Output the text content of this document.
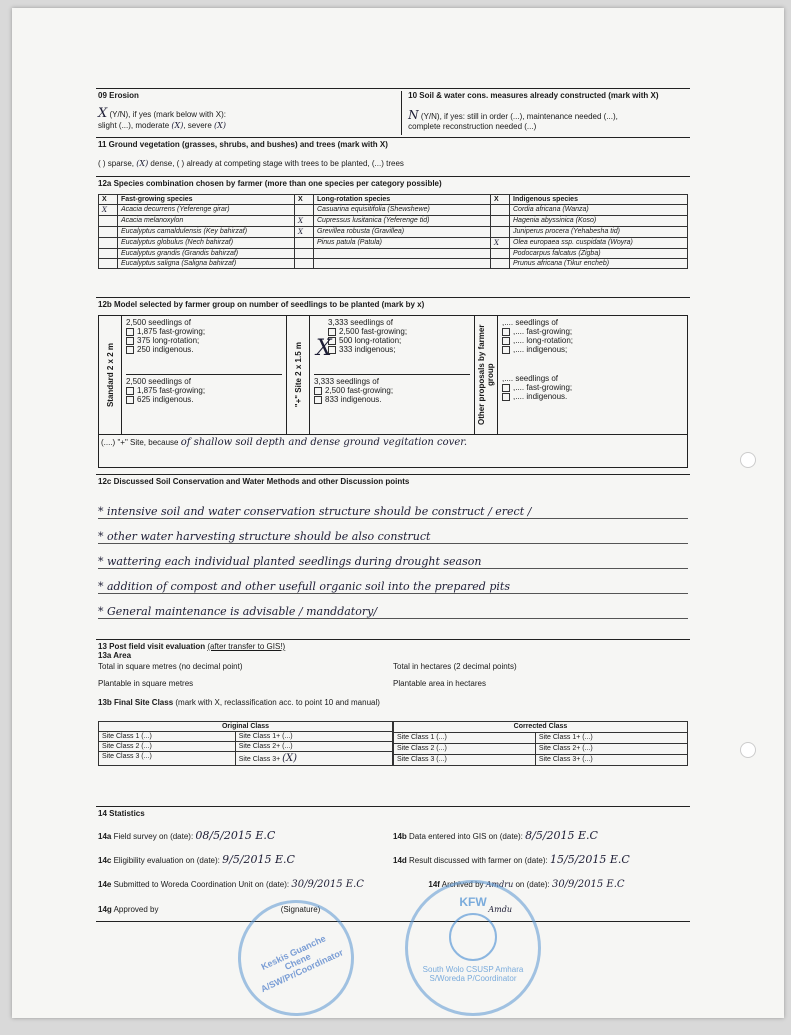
09 Erosion
X (Y/N), if yes (mark below with X):
slight (...), moderate (X), severe (X)
10 Soil & water cons. measures already constructed (mark with X)
N (Y/N), if yes: still in order (...), maintenance needed (...),
complete reconstruction needed (...)
11 Ground vegetation (grasses, shrubs, and bushes) and trees (mark with X)
( ) sparse, (X) dense, ( ) already at competing stage with trees to be planted, (...) trees
12a Species combination chosen by farmer (more than one species per category possible)
X	Fast-growing species	X	Long-rotation species	X	Indigenous species
X	Acacia decurrens (Yeferenge girar)		Casuarina equisitifolia (Shewshewe)		Cordia africana (Wanza)
	Acacia melanoxylon	X	Cupressus lusitanica (Yeferenge tid)		Hagenia abyssinica (Koso)
	Eucalyptus camaldulensis (Key bahirzaf)	X	Grevillea robusta (Gravillea)		Juniperus procera (Yehabesha tid)
	Eucalyptus globulus (Nech bahirzaf)		Pinus patula (Patula)	X	Olea europaea ssp. cuspidata (Woyra)
	Eucalyptus grandis (Grandis bahirzaf)				Podocarpus falcatus (Zigba)
	Eucalyptus saligna (Saligna bahirzaf)				Prunus africana (Tikur encheb)
12b Model selected by farmer group on number of seedlings to be planted (mark by x)
Standard 2 x 2 m
2,500 seedlings of
1,875 fast-growing;
375 long-rotation;
250 indigenous.
2,500 seedlings of
1,875 fast-growing;
625 indigenous.	"+" Site 2 x 1.5 m X
3,333 seedlings of
2,500 fast-growing;
500 long-rotation;
333 indigenous;
3,333 seedlings of
2,500 fast-growing;
833 indigenous.	Other proposals by farmer group
,.... seedlings of
,.... fast-growing;
,.... long-rotation;
,.... indigenous;
,.... seedlings of
,.... fast-growing;
,.... indigenous.
(....) "+" Site, because of shallow soil depth and dense ground vegitation cover.
12c Discussed Soil Conservation and Water Methods and other Discussion points
* intensive soil and water conservation structure should be construct / erect /
* other water harvesting structure should be also construct
* wattering each individual planted seedlings during drought season
* addition of compost and other usefull organic soil into the prepared pits
* General maintenance is advisable / manddatory/
13 Post field visit evaluation (after transfer to GIS!)
13a Area
Total in square metres (no decimal point)	Total in hectares (2 decimal points)
Plantable in square metres	Plantable area in hectares
13b Final Site Class (mark with X, reclassification acc. to point 10 and manual)
Original Class	
Site Class 1 (...)	Site Class 1+ (...)
Site Class 2 (...)	Site Class 2+ (...)
Site Class 3 (...)	Site Class 3+ (X)
Corrected Class	
Site Class 1 (...)	Site Class 1+ (...)
Site Class 2 (...)	Site Class 2+ (...)
Site Class 3 (...)	Site Class 3+ (...)
14 Statistics
14a Field survey on (date): 08/5/2015 E.C	14b Data entered into GIS on (date): 8/5/2015 E.C
14c Eligibility evaluation on (date): 9/5/2015 E.C	14d Result discussed with farmer on (date): 15/5/2015 E.C
14e Submitted to Woreda Coordination Unit on (date): 30/9/2015 E.C	14f Archived by Amdru on (date): 30/9/2015 E.C
14g Approved by	(Signature)	Amdu
Keskis Guanche Chene A/SW/Pr/Coordinator
KFW
South Wolo CSUSP Amhara S/Woreda P/Coordinator
